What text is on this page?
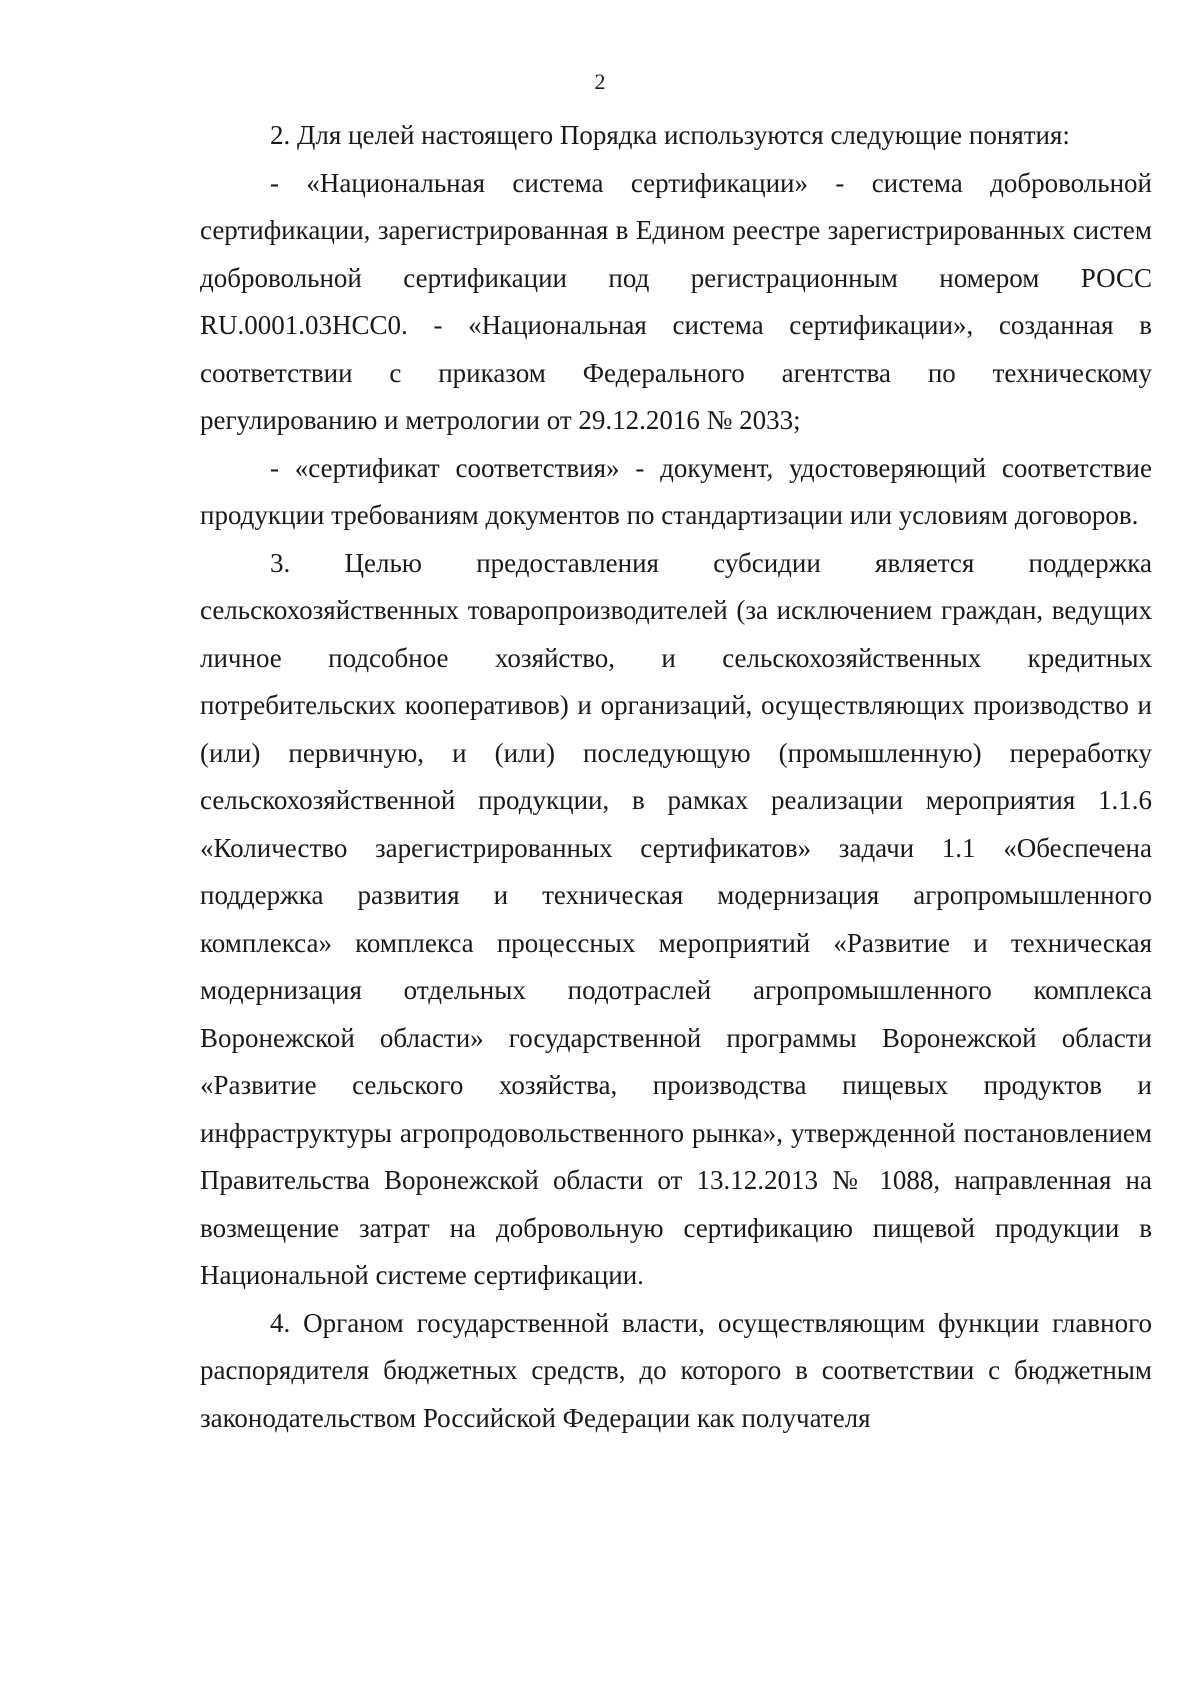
2

2. Для целей настоящего Порядка используются следующие понятия:

- «Национальная система сертификации» - система добровольной сертификации, зарегистрированная в Едином реестре зарегистрированных систем добровольной сертификации под регистрационным номером РОСС RU.0001.03НСС0. - «Национальная система сертификации», созданная в соответствии с приказом Федерального агентства по техническому регулированию и метрологии от 29.12.2016 № 2033;

- «сертификат соответствия» - документ, удостоверяющий соответствие продукции требованиям документов по стандартизации или условиям договоров.

3. Целью предоставления субсидии является поддержка сельскохозяйственных товаропроизводителей (за исключением граждан, ведущих личное подсобное хозяйство, и сельскохозяйственных кредитных потребительских кооперативов) и организаций, осуществляющих производство и (или) первичную, и (или) последующую (промышленную) переработку сельскохозяйственной продукции, в рамках реализации мероприятия 1.1.6 «Количество зарегистрированных сертификатов» задачи 1.1 «Обеспечена поддержка развития и техническая модернизация агропромышленного комплекса» комплекса процессных мероприятий «Развитие и техническая модернизация отдельных подотраслей агропромышленного комплекса Воронежской области» государственной программы Воронежской области «Развитие сельского хозяйства, производства пищевых продуктов и инфраструктуры агропродовольственного рынка», утвержденной постановлением Правительства Воронежской области от 13.12.2013 № 1088, направленная на возмещение затрат на добровольную сертификацию пищевой продукции в Национальной системе сертификации.

4. Органом государственной власти, осуществляющим функции главного распорядителя бюджетных средств, до которого в соответствии с бюджетным законодательством Российской Федерации как получателя
